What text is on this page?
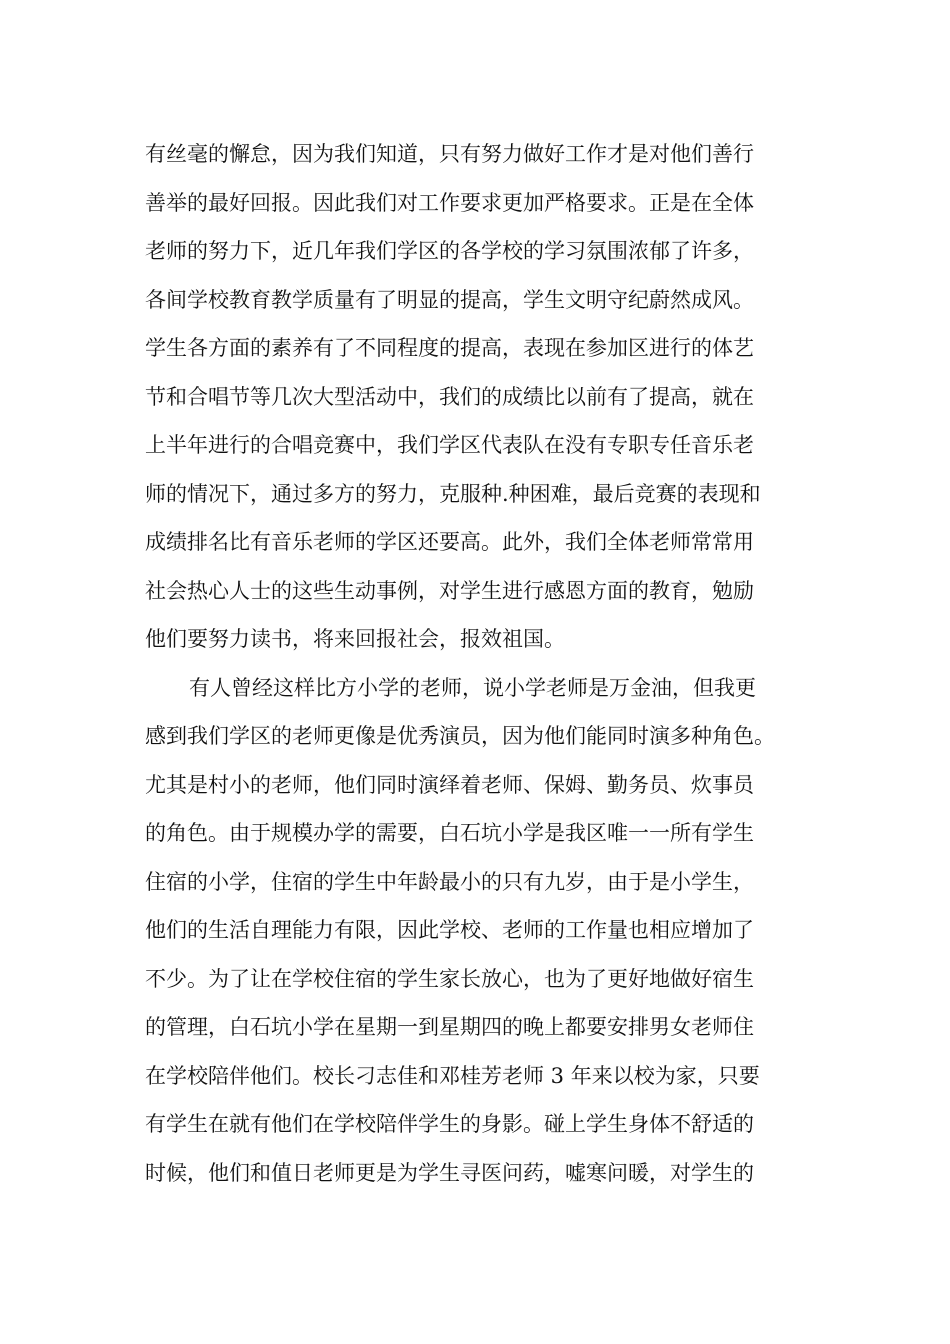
有丝毫的懈怠，因为我们知道，只有努力做好工作才是对他们善行
善举的最好回报。因此我们对工作要求更加严格要求。正是在全体
老师的努力下，近几年我们学区的各学校的学习氛围浓郁了许多，
各间学校教育教学质量有了明显的提高，学生文明守纪蔚然成风。
学生各方面的素养有了不同程度的提高，表现在参加区进行的体艺
节和合唱节等几次大型活动中，我们的成绩比以前有了提高，就在
上半年进行的合唱竞赛中，我们学区代表队在没有专职专任音乐老
师的情况下，通过多方的努力，克服种.种困难，最后竞赛的表现和
成绩排名比有音乐老师的学区还要高。此外，我们全体老师常常用
社会热心人士的这些生动事例，对学生进行感恩方面的教育，勉励
他们要努力读书，将来回报社会，报效祖国。
有人曾经这样比方小学的老师，说小学老师是万金油，但我更
感到我们学区的老师更像是优秀演员，因为他们能同时演多种角色。
尤其是村小的老师，他们同时演绎着老师、保姆、勤务员、炊事员
的角色。由于规模办学的需要，白石坑小学是我区唯一一所有学生
住宿的小学，住宿的学生中年龄最小的只有九岁，由于是小学生，
他们的生活自理能力有限，因此学校、老师的工作量也相应增加了
不少。为了让在学校住宿的学生家长放心，也为了更好地做好宿生
的管理，白石坑小学在星期一到星期四的晚上都要安排男女老师住
在学校陪伴他们。校长刁志佳和邓桂芳老师 3 年来以校为家，只要
有学生在就有他们在学校陪伴学生的身影。碰上学生身体不舒适的
时候，他们和值日老师更是为学生寻医问药，嘘寒问暖，对学生的
